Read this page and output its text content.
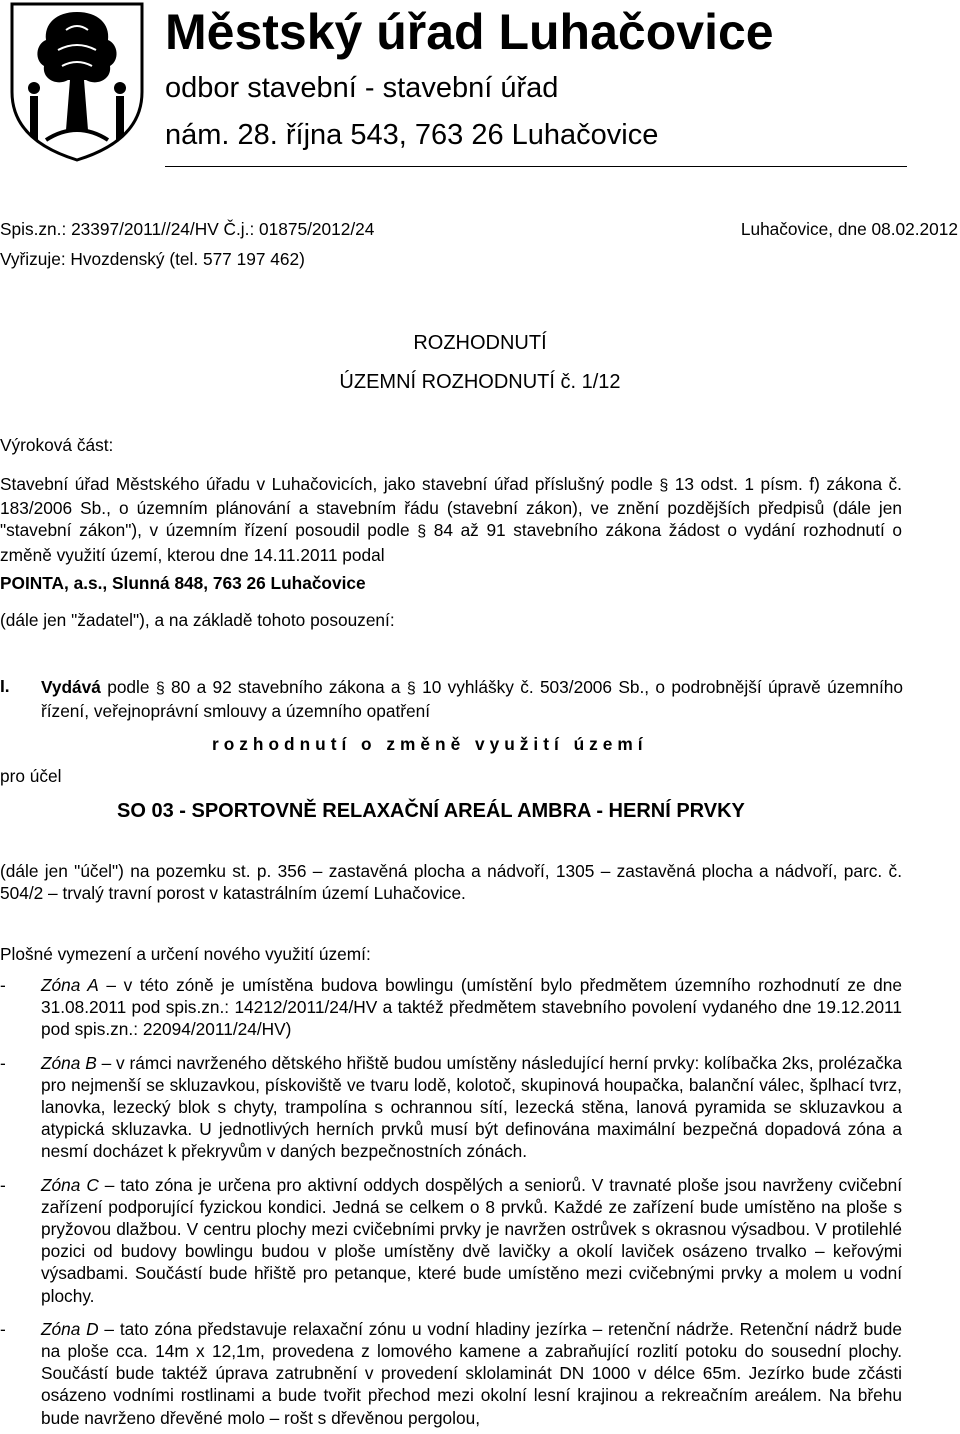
Městský úřad Luhačovice
odbor stavební - stavební úřad
nám. 28. října 543, 763 26 Luhačovice
Spis.zn.: 23397/2011//24/HV Č.j.: 01875/2012/24	Luhačovice, dne 08.02.2012
Vyřizuje: Hvozdenský (tel. 577 197 462)
ROZHODNUTÍ
ÚZEMNÍ ROZHODNUTÍ č. 1/12
Výroková část:
Stavební úřad Městského úřadu v Luhačovicích, jako stavební úřad příslušný podle § 13 odst. 1 písm. f) zákona č. 183/2006 Sb., o územním plánování a stavebním řádu (stavební zákon), ve znění pozdějších předpisů (dále jen "stavební zákon"), v územním řízení posoudil podle § 84 až 91 stavebního zákona žádost o vydání rozhodnutí o změně využití území, kterou dne 14.11.2011 podal
POINTA, a.s., Slunná 848, 763 26 Luhačovice
(dále jen "žadatel"), a na základě tohoto posouzení:
I. Vydává podle § 80 a 92 stavebního zákona a § 10 vyhlášky č. 503/2006 Sb., o podrobnější úpravě územního řízení, veřejnoprávní smlouvy a územního opatření
rozhodnutí o změně využití území
pro účel
SO 03 - SPORTOVNĚ RELAXAČNÍ AREÁL AMBRA - HERNÍ PRVKY
(dále jen "účel") na pozemku st. p. 356 – zastavěná plocha a nádvoří, 1305 – zastavěná plocha a nádvoří, parc. č. 504/2 – trvalý travní porost v katastrálním území Luhačovice.
Plošné vymezení a určení nového využití území:
- Zóna A – v této zóně je umístěna budova bowlingu (umístění bylo předmětem územního rozhodnutí ze dne 31.08.2011 pod spis.zn.: 14212/2011/24/HV a taktéž předmětem stavebního povolení vydaného dne 19.12.2011 pod spis.zn.: 22094/2011/24/HV)
- Zóna B – v rámci navrženého dětského hřiště budou umístěny následující herní prvky: kolíbačka 2ks, prolézačka pro nejmenší se skluzavkou, pískoviště ve tvaru lodě, kolotoč, skupinová houpačka, balanční válec, šplhací tvrz, lanovka, lezecký blok s chyty, trampolína s ochrannou sítí, lezecká stěna, lanová pyramida se skluzavkou a atypická skluzavka. U jednotlivých herních prvků musí být definována maximální bezpečná dopadová zóna a nesmí docházet k překryvům v daných bezpečnostních zónách.
- Zóna C – tato zóna je určena pro aktivní oddych dospělých a seniorů. V travnaté ploše jsou navrženy cvičební zařízení podporující fyzickou kondici. Jedná se celkem o 8 prvků. Každé ze zařízení bude umístěno na ploše s pryžovou dlažbou. V centru plochy mezi cvičebními prvky je navržen ostrůvek s okrasnou výsadbou. V protilehlé pozici od budovy bowlingu budou v ploše umístěny dvě lavičky a okolí laviček osázeno trvalko – keřovými výsadbami. Součástí bude hřiště pro petanque, které bude umístěno mezi cvičebnými prvky a molem u vodní plochy.
- Zóna D – tato zóna představuje relaxační zónu u vodní hladiny jezírka – retenční nádrže. Retenční nádrž bude na ploše cca. 14m x 12,1m, provedena z lomového kamene a zabraňující rozlití potoku do sousední plochy. Součástí bude taktéž úprava zatrubnění v provedení sklolaminát DN 1000 v délce 65m. Jezírko bude zčásti osázeno vodními rostlinami a bude tvořit přechod mezi okolní lesní krajinou a rekreačním areálem. Na břehu bude navrženo dřevěné molo – rošt s dřevěnou pergolou,
